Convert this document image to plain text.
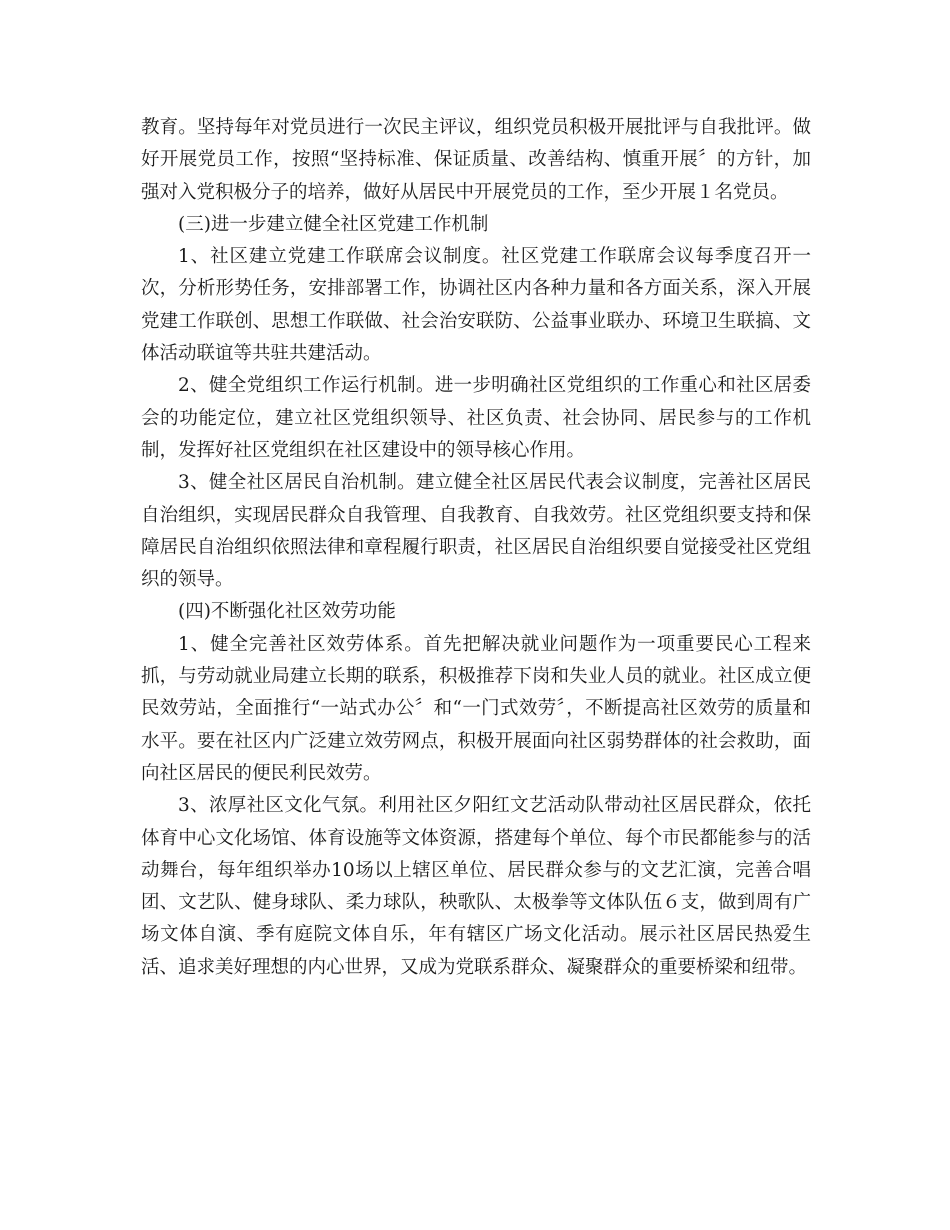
教育。坚持每年对党员进行一次民主评议，组织党员积极开展批评与自我批评。做好开展党员工作，按照“坚持标准、保证质量、改善结构、慎重开展〞的方针，加强对入党积极分子的培养，做好从居民中开展党员的工作，至少开展１名党员。

(三)进一步建立健全社区党建工作机制

1、社区建立党建工作联席会议制度。社区党建工作联席会议每季度召开一次，分析形势任务，安排部署工作，协调社区内各种力量和各方面关系，深入开展党建工作联创、思想工作联做、社会治安联防、公益事业联办、环境卫生联搞、文体活动联谊等共驻共建活动。

2、健全党组织工作运行机制。进一步明确社区党组织的工作重心和社区居委会的功能定位，建立社区党组织领导、社区负责、社会协同、居民参与的工作机制，发挥好社区党组织在社区建设中的领导核心作用。

3、健全社区居民自治机制。建立健全社区居民代表会议制度，完善社区居民自治组织，实现居民群众自我管理、自我教育、自我效劳。社区党组织要支持和保障居民自治组织依照法律和章程履行职责，社区居民自治组织要自觉接受社区党组织的领导。

(四)不断强化社区效劳功能

1、健全完善社区效劳体系。首先把解决就业问题作为一项重要民心工程来抓，与劳动就业局建立长期的联系，积极推荐下岗和失业人员的就业。社区成立便民效劳站，全面推行“一站式办公〞和“一门式效劳〞，不断提高社区效劳的质量和水平。要在社区内广泛建立效劳网点，积极开展面向社区弱势群体的社会救助，面向社区居民的便民利民效劳。

3、浓厚社区文化气氛。利用社区夕阳红文艺活动队带动社区居民群众，依托体育中心文化场馆、体育设施等文体资源，搭建每个单位、每个市民都能参与的活动舞台，每年组织举办10场以上辖区单位、居民群众参与的文艺汇演，完善合唱团、文艺队、健身球队、柔力球队，秧歌队、太极拳等文体队伍６支，做到周有广场文体自演、季有庭院文体自乐，年有辖区广场文化活动。展示社区居民热爱生活、追求美好理想的内心世界，又成为党联系群众、凝聚群众的重要桥梁和纽带。
